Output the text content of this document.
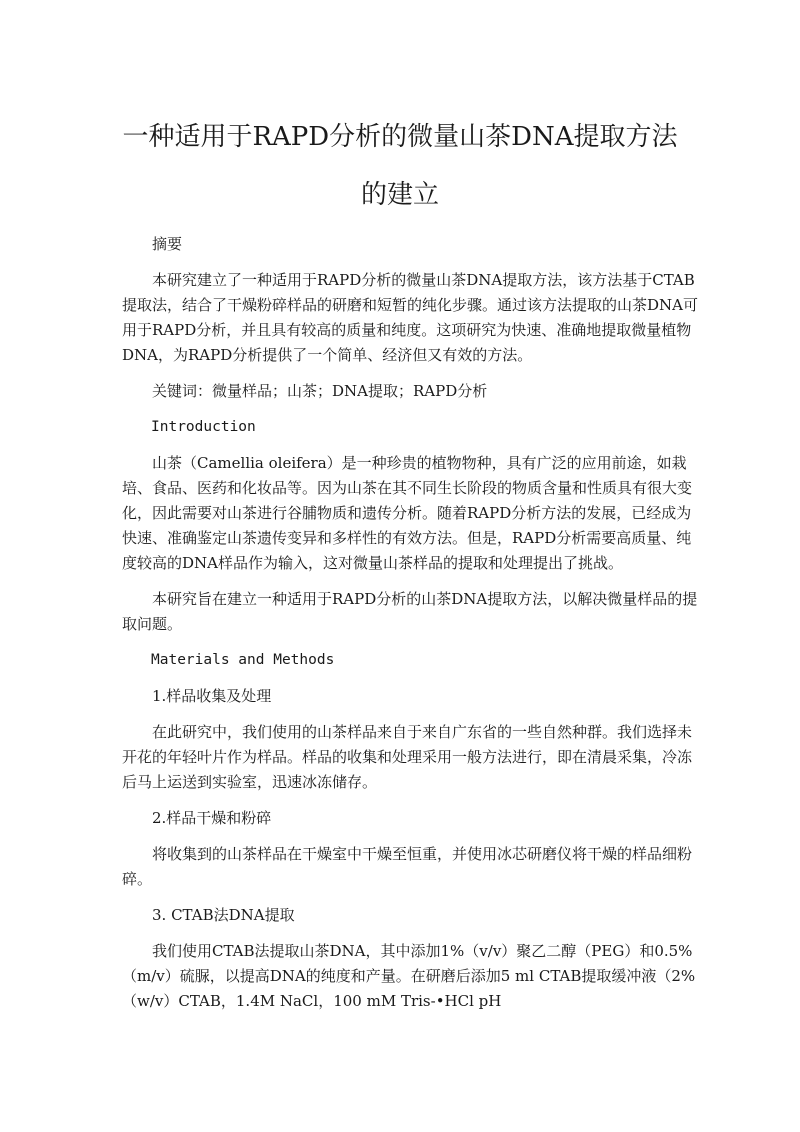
一种适用于RAPD分析的微量山茶DNA提取方法的建立

摘要

本研究建立了一种适用于RAPD分析的微量山茶DNA提取方法，该方法基于CTAB提取法，结合了干燥粉碎样品的研磨和短暂的纯化步骤。通过该方法提取的山茶DNA可用于RAPD分析，并且具有较高的质量和纯度。这项研究为快速、准确地提取微量植物DNA，为RAPD分析提供了一个简单、经济但又有效的方法。

关键词：微量样品；山茶；DNA提取；RAPD分析

Introduction

山茶（Camellia oleifera）是一种珍贵的植物物种，具有广泛的应用前途，如栽培、食品、医药和化妆品等。因为山茶在其不同生长阶段的物质含量和性质具有很大变化，因此需要对山茶进行谷脯物质和遗传分析。随着RAPD分析方法的发展，已经成为快速、准确鉴定山茶遗传变异和多样性的有效方法。但是，RAPD分析需要高质量、纯度较高的DNA样品作为输入，这对微量山茶样品的提取和处理提出了挑战。

本研究旨在建立一种适用于RAPD分析的山茶DNA提取方法，以解决微量样品的提取问题。

Materials and Methods

1.样品收集及处理

在此研究中，我们使用的山茶样品来自于来自广东省的一些自然种群。我们选择未开花的年轻叶片作为样品。样品的收集和处理采用一般方法进行，即在清晨采集，冷冻后马上运送到实验室，迅速冰冻储存。

2.样品干燥和粉碎

将收集到的山茶样品在干燥室中干燥至恒重，并使用冰芯研磨仪将干燥的样品细粉碎。

3. CTAB法DNA提取

我们使用CTAB法提取山茶DNA，其中添加1%（v/v）聚乙二醇（PEG）和0.5%（m/v）硫脲，以提高DNA的纯度和产量。在研磨后添加5 ml CTAB提取缓冲液（2%（w/v）CTAB，1.4M NaCl，100 mM Tris-•HCl pH
